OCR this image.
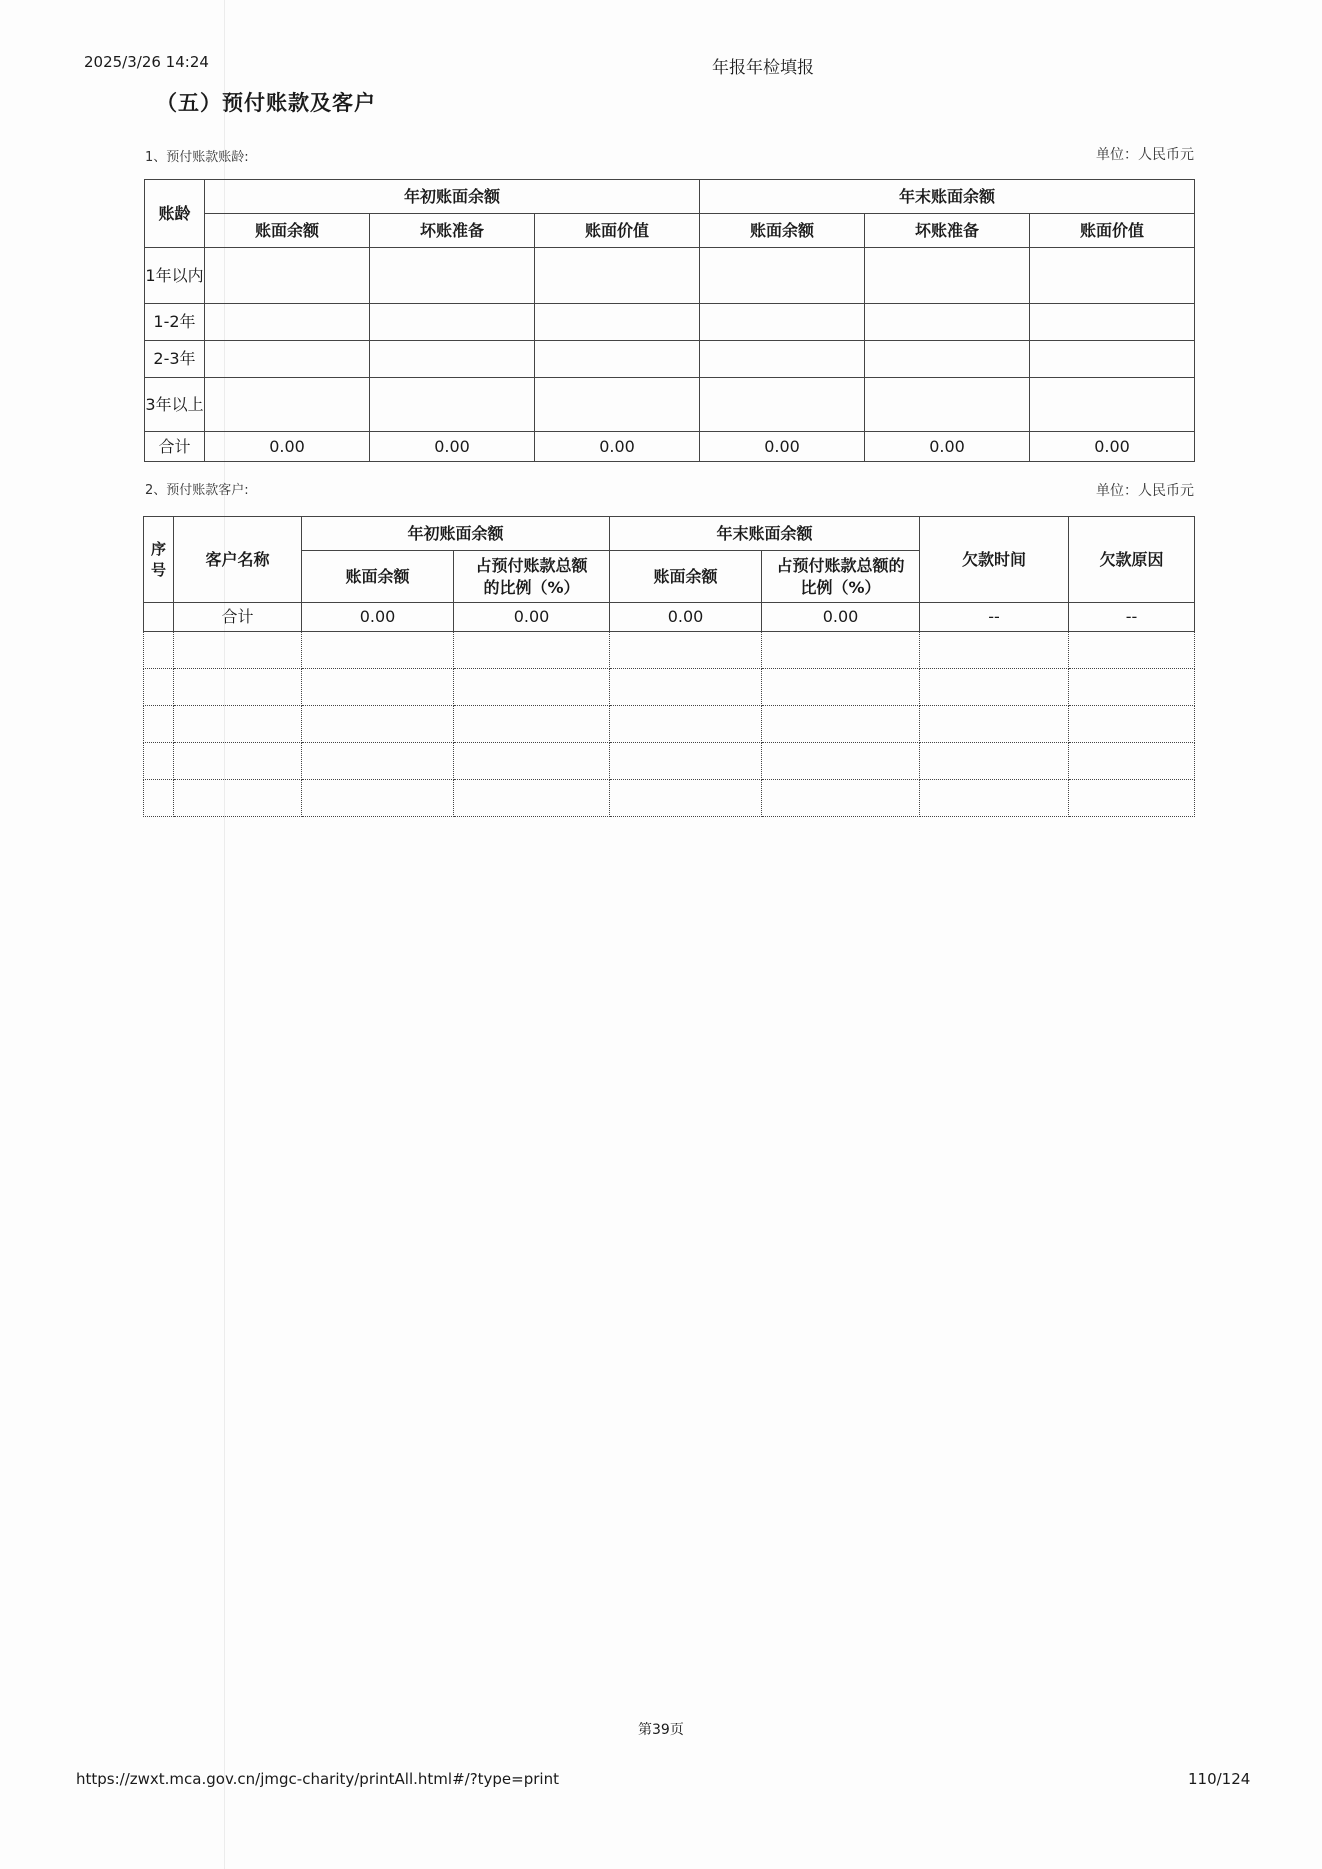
2025/3/26 14:24	年报年检填报
（五）预付账款及客户
1、预付账款账龄:	单位：人民币元
账龄	年初账面余额			年末账面余额		
	账面余额	坏账准备	账面价值	账面余额	坏账准备	账面价值
1年以内						
1-2年						
2-3年						
3年以上						
合计	0.00	0.00	0.00	0.00	0.00	0.00
2、预付账款客户:	单位：人民币元
序号	客户名称	年初账面余额		年末账面余额		欠款时间	欠款原因
		账面余额	占预付账款总额的比例（%）	账面余额	占预付账款总额的比例（%）		
	合计	0.00	0.00	0.00	0.00	--	--

第39页
https://zwxt.mca.gov.cn/jmgc-charity/printAll.html#/?type=print	110/124
